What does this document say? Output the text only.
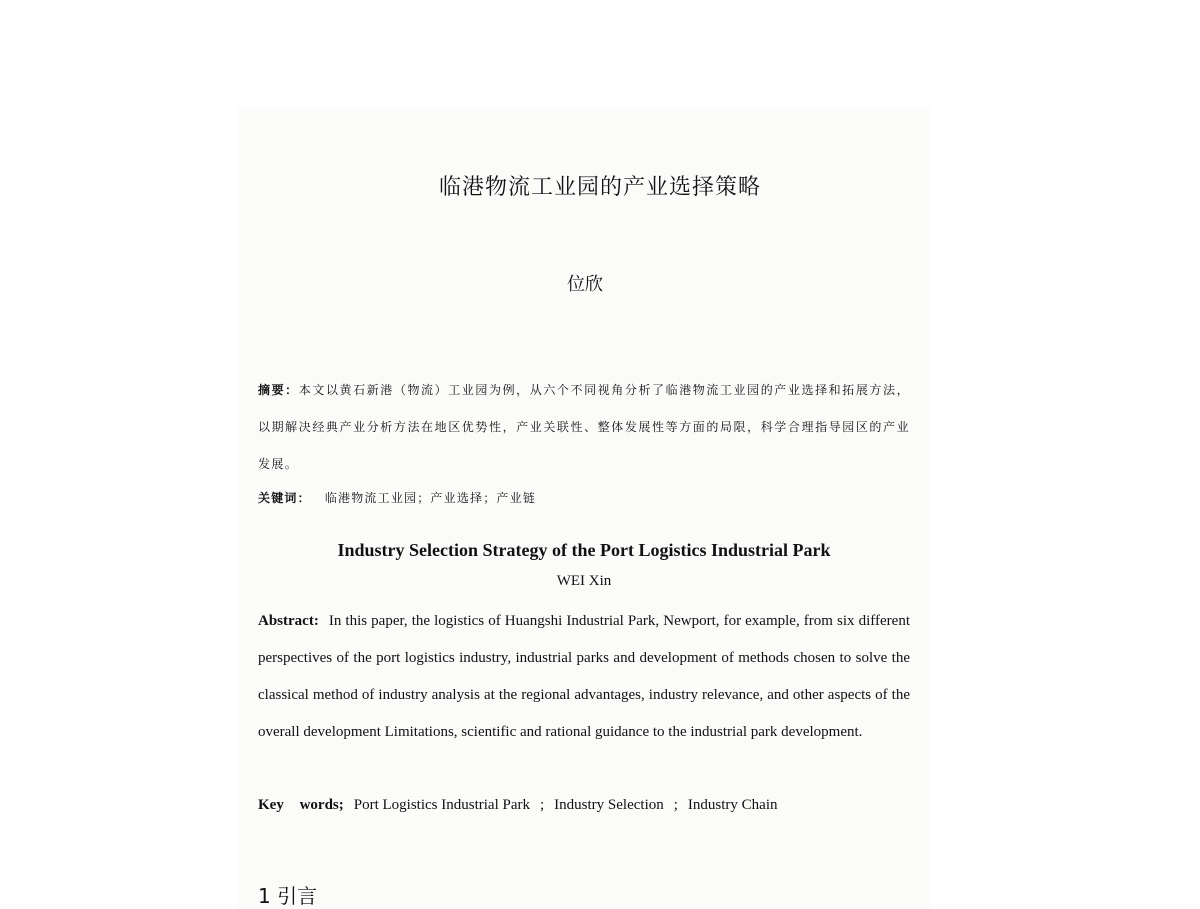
临港物流工业园的产业选择策略
位欣
摘要：本文以黄石新港（物流）工业园为例，从六个不同视角分析了临港物流工业园的产业选择和拓展方法，以期解决经典产业分析方法在地区优势性，产业关联性、整体发展性等方面的局限，科学合理指导园区的产业发展。
关键词： 临港物流工业园；产业选择；产业链
Industry Selection Strategy of the Port Logistics Industrial Park
WEI Xin
Abstract: In this paper, the logistics of Huangshi Industrial Park, Newport, for example, from six different perspectives of the port logistics industry, industrial parks and development of methods chosen to solve the classical method of industry analysis at the regional advantages, industry relevance, and other aspects of the overall development Limitations, scientific and rational guidance to the industrial park development.
Key words; Port Logistics Industrial Park ; Industry Selection ; Industry Chain
1 引言
